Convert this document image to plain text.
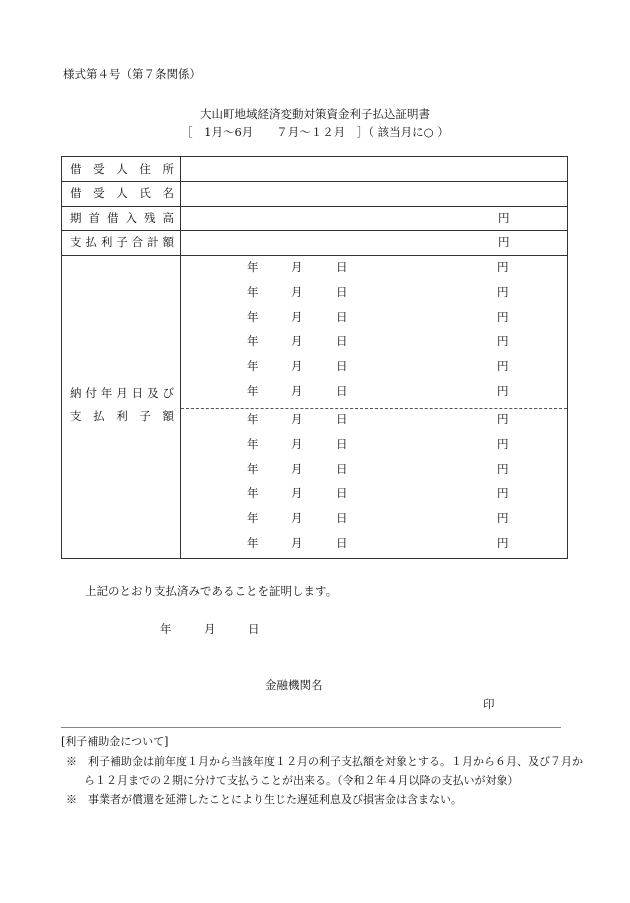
様式第４号（第７条関係）
大山町地域経済変動対策資金利子払込証明書
［　1月～6月　　７月～１２月　］（ 該当月に○ ）
借受人住所
借受人氏名
期首借入残高	円
支払利子合計額	円
納付年月日及び
支払利子額
年	月	日	円
年	月	日	円
年	月	日	円
年	月	日	円
年	月	日	円
年	月	日	円
年	月	日	円
年	月	日	円
年	月	日	円
年	月	日	円
年	月	日	円
年	月	日	円
上記のとおり支払済みであることを証明します。
年	月	日
金融機関名
印
[利子補助金について]
※　利子補助金は前年度１月から当該年度１２月の利子支払額を対象とする。１月から６月、及び７月か
ら１２月までの２期に分けて支払うことが出来る。（令和２年４月以降の支払いが対象）
※　事業者が償還を延滞したことにより生じた遅延利息及び損害金は含まない。
